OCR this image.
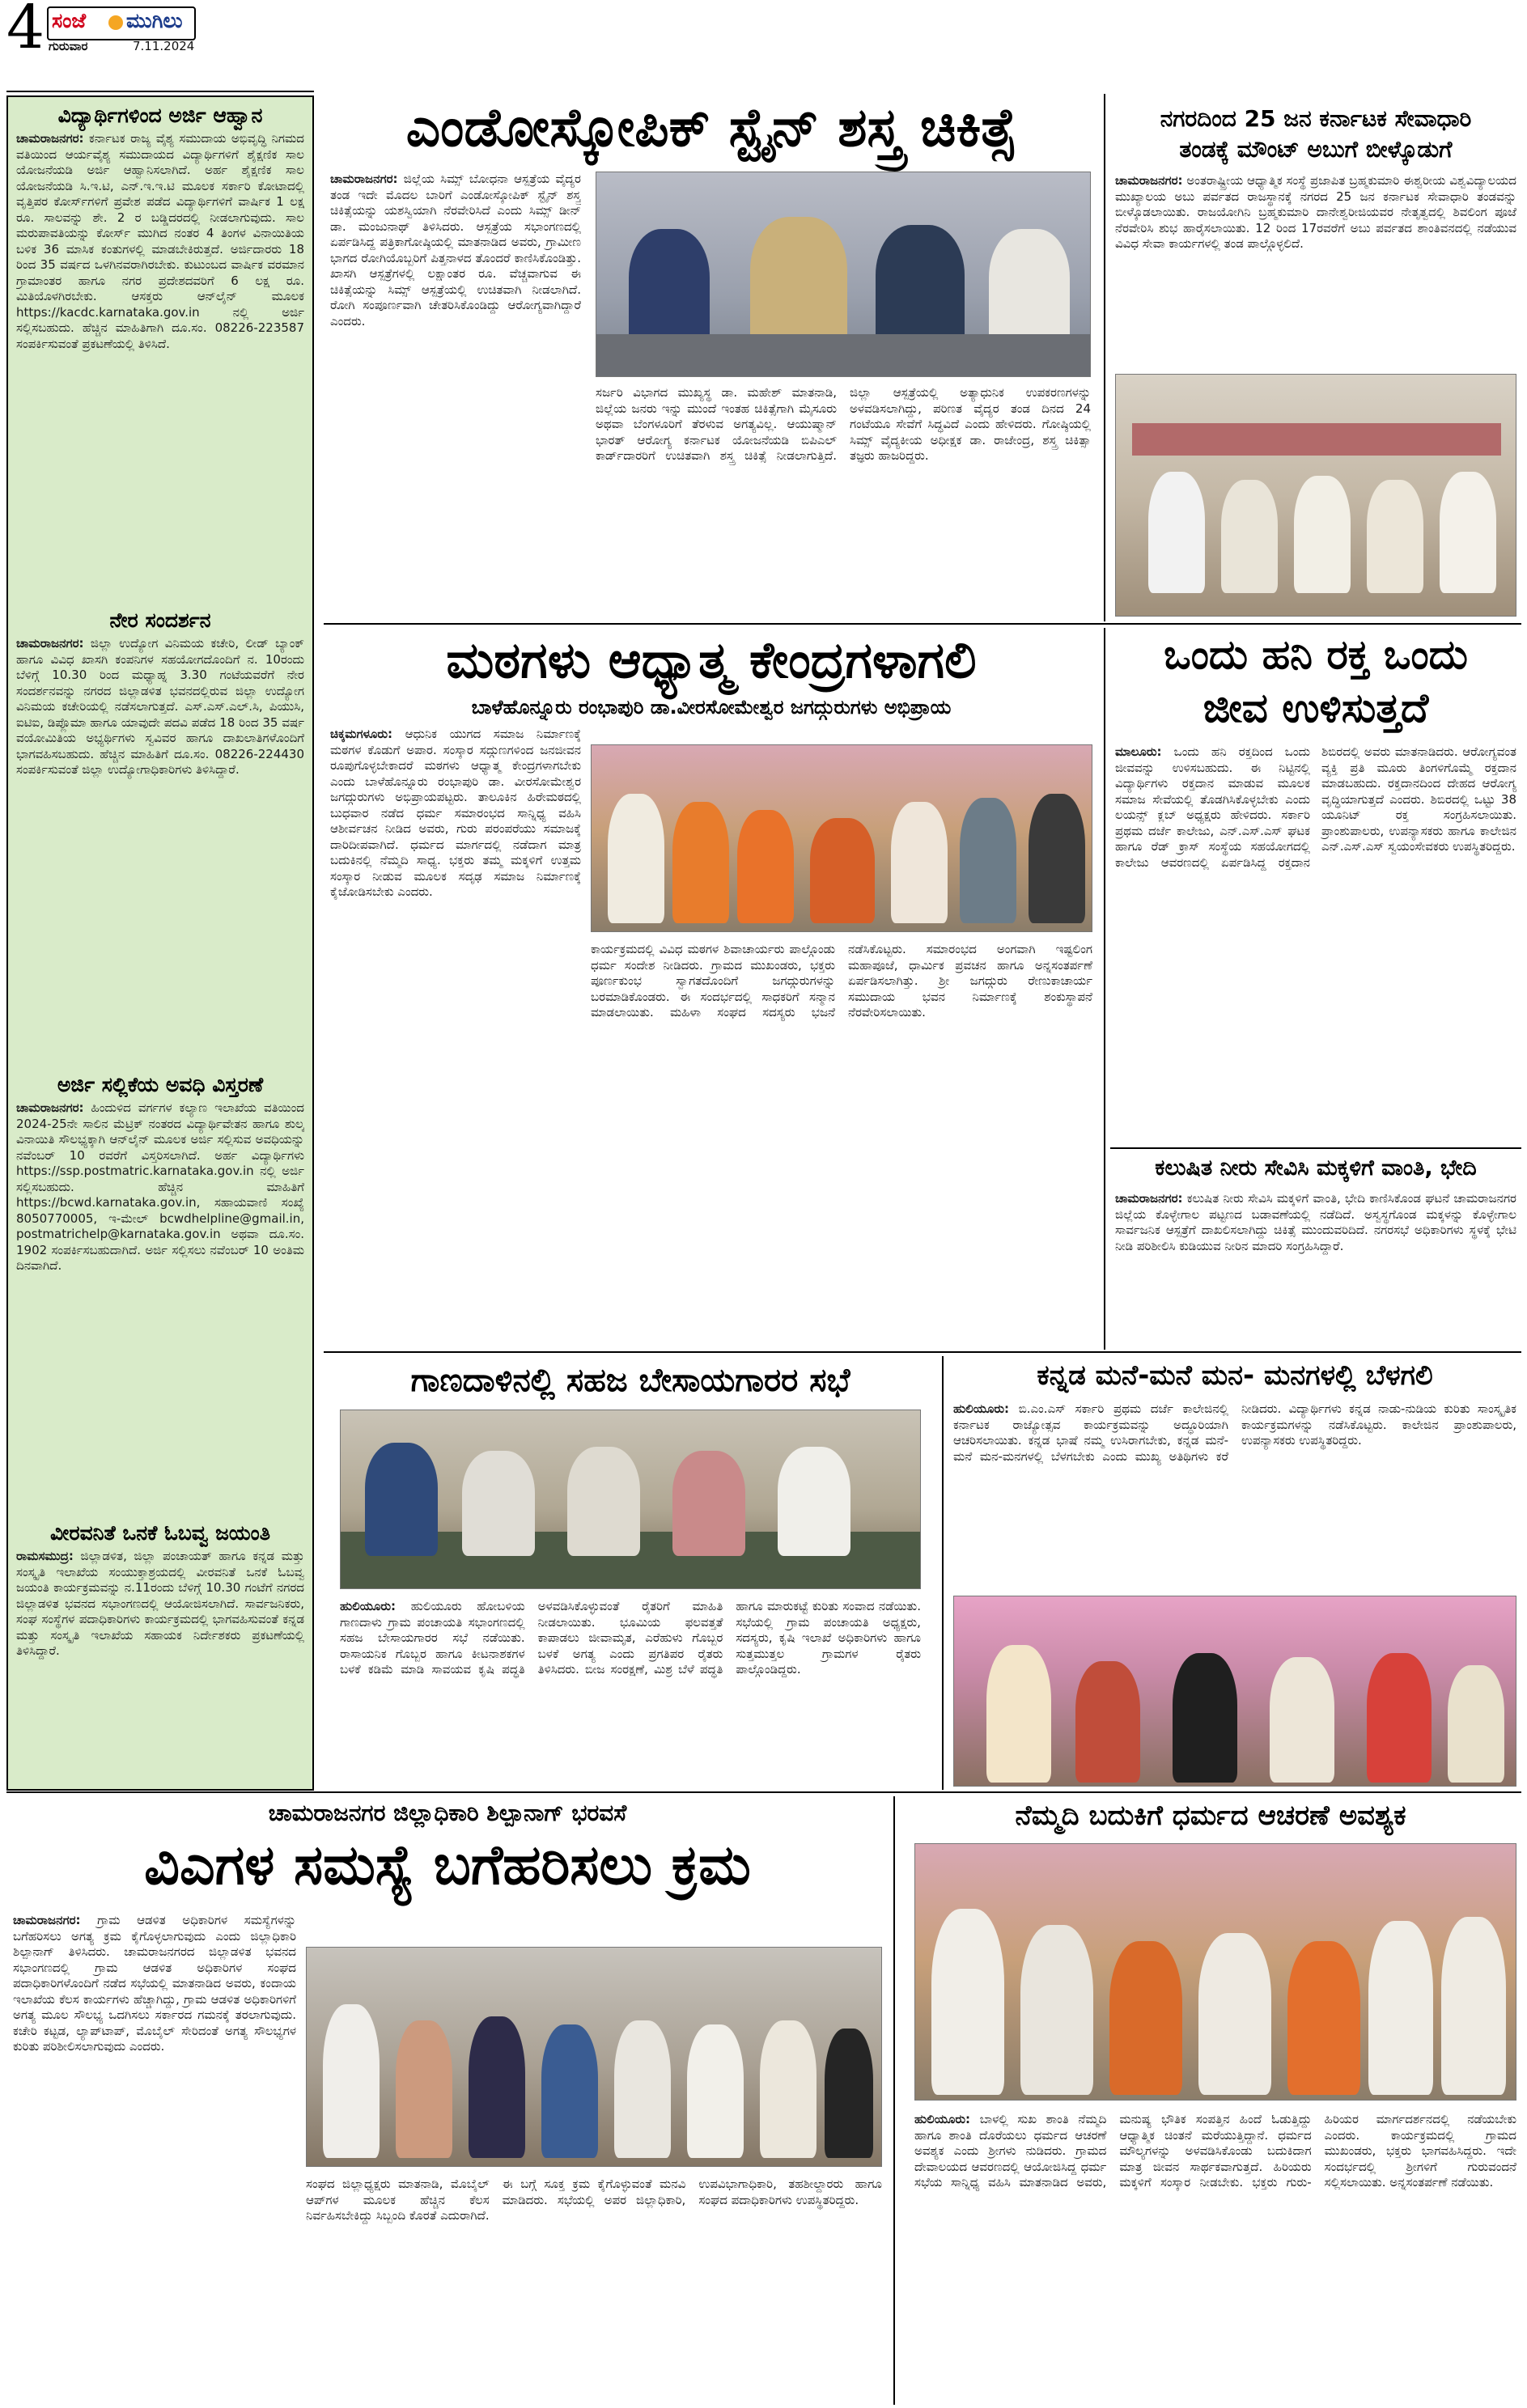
4 ಸಂಜೆ ಮುಗಿಲು
ಗುರುವಾರ	7.11.2024
ವಿದ್ಯಾರ್ಥಿಗಳಿಂದ ಅರ್ಜಿ ಆಹ್ವಾನ
ಚಾಮರಾಜನಗರ: ಕರ್ನಾಟಕ ರಾಜ್ಯ ವೈಶ್ಯ ಸಮುದಾಯ ಅಭಿವೃದ್ಧಿ ನಿಗಮದ ವತಿಯಿಂದ ಆರ್ಯವೈಶ್ಯ ಸಮುದಾಯದ ವಿದ್ಯಾರ್ಥಿಗಳಿಗೆ ಶೈಕ್ಷಣಿಕ ಸಾಲ ಯೋಜನೆಯಡಿ ಅರ್ಜಿ ಆಹ್ವಾನಿಸಲಾಗಿದೆ. ಅರ್ಹ ಶೈಕ್ಷಣಿಕ ಸಾಲ ಯೋಜನೆಯಡಿ ಸಿ.ಇ.ಟಿ, ಎನ್.ಇ.ಇ.ಟಿ ಮೂಲಕ ಸರ್ಕಾರಿ ಕೋಟಾದಲ್ಲಿ ವೃತ್ತಿಪರ ಕೋರ್ಸ್‌ಗಳಿಗೆ ಪ್ರವೇಶ ಪಡೆದ ವಿದ್ಯಾರ್ಥಿಗಳಿಗೆ ವಾರ್ಷಿಕ 1 ಲಕ್ಷ ರೂ. ಸಾಲವನ್ನು ಶೇ. 2 ರ ಬಡ್ಡಿದರದಲ್ಲಿ ನೀಡಲಾಗುವುದು. ಸಾಲ ಮರುಪಾವತಿಯನ್ನು ಕೋರ್ಸ್ ಮುಗಿದ ನಂತರ 4 ತಿಂಗಳ ವಿನಾಯಿತಿಯ ಬಳಿಕ 36 ಮಾಸಿಕ ಕಂತುಗಳಲ್ಲಿ ಮಾಡಬೇಕಿರುತ್ತದೆ. ಅರ್ಜಿದಾರರು 18 ರಿಂದ 35 ವರ್ಷದ ಒಳಗಿನವರಾಗಿರಬೇಕು. ಕುಟುಂಬದ ವಾರ್ಷಿಕ ವರಮಾನ ಗ್ರಾಮಾಂತರ ಹಾಗೂ ನಗರ ಪ್ರದೇಶದವರಿಗೆ 6 ಲಕ್ಷ ರೂ. ಮಿತಿಯೊಳಗಿರಬೇಕು. ಆಸಕ್ತರು ಆನ್‌ಲೈನ್ ಮೂಲಕ https://kacdc.karnataka.gov.in ನಲ್ಲಿ ಅರ್ಜಿ ಸಲ್ಲಿಸಬಹುದು. ಹೆಚ್ಚಿನ ಮಾಹಿತಿಗಾಗಿ ದೂ.ಸಂ. 08226-223587 ಸಂಪರ್ಕಿಸುವಂತೆ ಪ್ರಕಟಣೆಯಲ್ಲಿ ತಿಳಿಸಿದೆ.
ನೇರ ಸಂದರ್ಶನ
ಚಾಮರಾಜನಗರ: ಜಿಲ್ಲಾ ಉದ್ಯೋಗ ವಿನಿಮಯ ಕಚೇರಿ, ಲೀಡ್ ಬ್ಯಾಂಕ್ ಹಾಗೂ ವಿವಿಧ ಖಾಸಗಿ ಕಂಪನಿಗಳ ಸಹಯೋಗದೊಂದಿಗೆ ನ. 10ರಂದು ಬೆಳಿಗ್ಗೆ 10.30 ರಿಂದ ಮಧ್ಯಾಹ್ನ 3.30 ಗಂಟೆಯವರೆಗೆ ನೇರ ಸಂದರ್ಶನವನ್ನು ನಗರದ ಜಿಲ್ಲಾಡಳಿತ ಭವನದಲ್ಲಿರುವ ಜಿಲ್ಲಾ ಉದ್ಯೋಗ ವಿನಿಮಯ ಕಚೇರಿಯಲ್ಲಿ ನಡೆಸಲಾಗುತ್ತದೆ. ಎಸ್.ಎಸ್.ಎಲ್.ಸಿ, ಪಿಯುಸಿ, ಐಟಿಐ, ಡಿಪ್ಲೊಮಾ ಹಾಗೂ ಯಾವುದೇ ಪದವಿ ಪಡೆದ 18 ರಿಂದ 35 ವರ್ಷ ವಯೋಮಿತಿಯ ಅಭ್ಯರ್ಥಿಗಳು ಸ್ವವಿವರ ಹಾಗೂ ದಾಖಲಾತಿಗಳೊಂದಿಗೆ ಭಾಗವಹಿಸಬಹುದು. ಹೆಚ್ಚಿನ ಮಾಹಿತಿಗೆ ದೂ.ಸಂ. 08226-224430 ಸಂಪರ್ಕಿಸುವಂತೆ ಜಿಲ್ಲಾ ಉದ್ಯೋಗಾಧಿಕಾರಿಗಳು ತಿಳಿಸಿದ್ದಾರೆ.
ಅರ್ಜಿ ಸಲ್ಲಿಕೆಯ ಅವಧಿ ವಿಸ್ತರಣೆ
ಚಾಮರಾಜನಗರ: ಹಿಂದುಳಿದ ವರ್ಗಗಳ ಕಲ್ಯಾಣ ಇಲಾಖೆಯ ವತಿಯಿಂದ 2024-25ನೇ ಸಾಲಿನ ಮೆಟ್ರಿಕ್ ನಂತರದ ವಿದ್ಯಾರ್ಥಿವೇತನ ಹಾಗೂ ಶುಲ್ಕ ವಿನಾಯಿತಿ ಸೌಲಭ್ಯಕ್ಕಾಗಿ ಆನ್‌ಲೈನ್ ಮೂಲಕ ಅರ್ಜಿ ಸಲ್ಲಿಸುವ ಅವಧಿಯನ್ನು ನವೆಂಬರ್ 10 ರವರೆಗೆ ವಿಸ್ತರಿಸಲಾಗಿದೆ. ಅರ್ಹ ವಿದ್ಯಾರ್ಥಿಗಳು https://ssp.postmatric.karnataka.gov.in ನಲ್ಲಿ ಅರ್ಜಿ ಸಲ್ಲಿಸಬಹುದು. ಹೆಚ್ಚಿನ ಮಾಹಿತಿಗೆ https://bcwd.karnataka.gov.in, ಸಹಾಯವಾಣಿ ಸಂಖ್ಯೆ 8050770005, ಇ-ಮೇಲ್ bcwdhelpline@gmail.in, postmatrichelp@karnataka.gov.in ಅಥವಾ ದೂ.ಸಂ. 1902 ಸಂಪರ್ಕಿಸಬಹುದಾಗಿದೆ. ಅರ್ಜಿ ಸಲ್ಲಿಸಲು ನವೆಂಬರ್ 10 ಅಂತಿಮ ದಿನವಾಗಿದೆ.
ವೀರವನಿತೆ ಒನಕೆ ಓಬವ್ವ ಜಯಂತಿ
ರಾಮಸಮುದ್ರ: ಜಿಲ್ಲಾಡಳಿತ, ಜಿಲ್ಲಾ ಪಂಚಾಯತ್ ಹಾಗೂ ಕನ್ನಡ ಮತ್ತು ಸಂಸ್ಕೃತಿ ಇಲಾಖೆಯ ಸಂಯುಕ್ತಾಶ್ರಯದಲ್ಲಿ ವೀರವನಿತೆ ಒನಕೆ ಓಬವ್ವ ಜಯಂತಿ ಕಾರ್ಯಕ್ರಮವನ್ನು ನ.11ರಂದು ಬೆಳಿಗ್ಗೆ 10.30 ಗಂಟೆಗೆ ನಗರದ ಜಿಲ್ಲಾಡಳಿತ ಭವನದ ಸಭಾಂಗಣದಲ್ಲಿ ಆಯೋಜಿಸಲಾಗಿದೆ. ಸಾರ್ವಜನಿಕರು, ಸಂಘ ಸಂಸ್ಥೆಗಳ ಪದಾಧಿಕಾರಿಗಳು ಕಾರ್ಯಕ್ರಮದಲ್ಲಿ ಭಾಗವಹಿಸುವಂತೆ ಕನ್ನಡ ಮತ್ತು ಸಂಸ್ಕೃತಿ ಇಲಾಖೆಯ ಸಹಾಯಕ ನಿರ್ದೇಶಕರು ಪ್ರಕಟಣೆಯಲ್ಲಿ ತಿಳಿಸಿದ್ದಾರೆ.
ಎಂಡೋಸ್ಕೋಪಿಕ್ ಸ್ಟೈನ್ ಶಸ್ತ್ರ ಚಿಕಿತ್ಸೆ
ಚಾಮರಾಜನಗರ: ಜಿಲ್ಲೆಯ ಸಿಮ್ಸ್ ಬೋಧನಾ ಆಸ್ಪತ್ರೆಯ ವೈದ್ಯರ ತಂಡ ಇದೇ ಮೊದಲ ಬಾರಿಗೆ ಎಂಡೋಸ್ಕೋಪಿಕ್ ಸ್ಟೈನ್ ಶಸ್ತ್ರ ಚಿಕಿತ್ಸೆಯನ್ನು ಯಶಸ್ವಿಯಾಗಿ ನೆರವೇರಿಸಿದೆ ಎಂದು ಸಿಮ್ಸ್ ಡೀನ್ ಡಾ. ಮಂಜುನಾಥ್ ತಿಳಿಸಿದರು. ಆಸ್ಪತ್ರೆಯ ಸಭಾಂಗಣದಲ್ಲಿ ಏರ್ಪಡಿಸಿದ್ದ ಪತ್ರಿಕಾಗೋಷ್ಠಿಯಲ್ಲಿ ಮಾತನಾಡಿದ ಅವರು, ಗ್ರಾಮೀಣ ಭಾಗದ ರೋಗಿಯೊಬ್ಬರಿಗೆ ಪಿತ್ತನಾಳದ ತೊಂದರೆ ಕಾಣಿಸಿಕೊಂಡಿತ್ತು. ಖಾಸಗಿ ಆಸ್ಪತ್ರೆಗಳಲ್ಲಿ ಲಕ್ಷಾಂತರ ರೂ. ವೆಚ್ಚವಾಗುವ ಈ ಚಿಕಿತ್ಸೆಯನ್ನು ಸಿಮ್ಸ್ ಆಸ್ಪತ್ರೆಯಲ್ಲಿ ಉಚಿತವಾಗಿ ನೀಡಲಾಗಿದೆ. ರೋಗಿ ಸಂಪೂರ್ಣವಾಗಿ ಚೇತರಿಸಿಕೊಂಡಿದ್ದು ಆರೋಗ್ಯವಾಗಿದ್ದಾರೆ ಎಂದರು.
ಸರ್ಜರಿ ವಿಭಾಗದ ಮುಖ್ಯಸ್ಥ ಡಾ. ಮಹೇಶ್ ಮಾತನಾಡಿ, ಜಿಲ್ಲೆಯ ಜನರು ಇನ್ನು ಮುಂದೆ ಇಂತಹ ಚಿಕಿತ್ಸೆಗಾಗಿ ಮೈಸೂರು ಅಥವಾ ಬೆಂಗಳೂರಿಗೆ ತೆರಳುವ ಅಗತ್ಯವಿಲ್ಲ. ಆಯುಷ್ಮಾನ್ ಭಾರತ್ ಆರೋಗ್ಯ ಕರ್ನಾಟಕ ಯೋಜನೆಯಡಿ ಬಿಪಿಎಲ್ ಕಾರ್ಡ್‌ದಾರರಿಗೆ ಉಚಿತವಾಗಿ ಶಸ್ತ್ರ ಚಿಕಿತ್ಸೆ ನೀಡಲಾಗುತ್ತಿದೆ. ಜಿಲ್ಲಾ ಆಸ್ಪತ್ರೆಯಲ್ಲಿ ಅತ್ಯಾಧುನಿಕ ಉಪಕರಣಗಳನ್ನು ಅಳವಡಿಸಲಾಗಿದ್ದು, ಪರಿಣತ ವೈದ್ಯರ ತಂಡ ದಿನದ 24 ಗಂಟೆಯೂ ಸೇವೆಗೆ ಸಿದ್ಧವಿದೆ ಎಂದು ಹೇಳಿದರು. ಗೋಷ್ಠಿಯಲ್ಲಿ ಸಿಮ್ಸ್ ವೈದ್ಯಕೀಯ ಅಧೀಕ್ಷಕ ಡಾ. ರಾಜೇಂದ್ರ, ಶಸ್ತ್ರ ಚಿಕಿತ್ಸಾ ತಜ್ಞರು ಹಾಜರಿದ್ದರು.
ನಗರದಿಂದ 25 ಜನ ಕರ್ನಾಟಕ ಸೇವಾಧಾರಿ
ತಂಡಕ್ಕೆ ಮೌಂಟ್ ಅಬುಗೆ ಬೀಳ್ಕೊಡುಗೆ
ಚಾಮರಾಜನಗರ: ಅಂತರಾಷ್ಟ್ರೀಯ ಆಧ್ಯಾತ್ಮಿಕ ಸಂಸ್ಥೆ ಪ್ರಜಾಪಿತ ಬ್ರಹ್ಮಕುಮಾರಿ ಈಶ್ವರೀಯ ವಿಶ್ವವಿದ್ಯಾಲಯದ ಮುಖ್ಯಾಲಯ ಅಬು ಪರ್ವತದ ರಾಜಸ್ಥಾನಕ್ಕೆ ನಗರದ 25 ಜನ ಕರ್ನಾಟಕ ಸೇವಾಧಾರಿ ತಂಡವನ್ನು ಬೀಳ್ಕೊಡಲಾಯಿತು. ರಾಜಯೋಗಿನಿ ಬ್ರಹ್ಮಕುಮಾರಿ ದಾನೇಶ್ವರೀಜಿಯವರ ನೇತೃತ್ವದಲ್ಲಿ ಶಿವಲಿಂಗ ಪೂಜೆ ನೆರವೇರಿಸಿ ಶುಭ ಹಾರೈಸಲಾಯಿತು. 12 ರಿಂದ 17ರವರೆಗೆ ಅಬು ಪರ್ವತದ ಶಾಂತಿವನದಲ್ಲಿ ನಡೆಯುವ ವಿವಿಧ ಸೇವಾ ಕಾರ್ಯಗಳಲ್ಲಿ ತಂಡ ಪಾಲ್ಗೊಳ್ಳಲಿದೆ.
ಮಠಗಳು ಆಧ್ಯಾತ್ಮ ಕೇಂದ್ರಗಳಾಗಲಿ
ಬಾಳೆಹೊನ್ನೂರು ರಂಭಾಪುರಿ ಡಾ.ವೀರಸೋಮೇಶ್ವರ ಜಗದ್ಗುರುಗಳು ಅಭಿಪ್ರಾಯ
ಚಿಕ್ಕಮಗಳೂರು: ಆಧುನಿಕ ಯುಗದ ಸಮಾಜ ನಿರ್ಮಾಣಕ್ಕೆ ಮಠಗಳ ಕೊಡುಗೆ ಅಪಾರ. ಸಂಸ್ಕಾರ ಸದ್ಗುಣಗಳಿಂದ ಜನಜೀವನ ರೂಪುಗೊಳ್ಳಬೇಕಾದರೆ ಮಠಗಳು ಆಧ್ಯಾತ್ಮ ಕೇಂದ್ರಗಳಾಗಬೇಕು ಎಂದು ಬಾಳೆಹೊನ್ನೂರು ರಂಭಾಪುರಿ ಡಾ. ವೀರಸೋಮೇಶ್ವರ ಜಗದ್ಗುರುಗಳು ಅಭಿಪ್ರಾಯಪಟ್ಟರು. ತಾಲೂಕಿನ ಹಿರೇಮಠದಲ್ಲಿ ಬುಧವಾರ ನಡೆದ ಧರ್ಮ ಸಮಾರಂಭದ ಸಾನ್ನಿಧ್ಯ ವಹಿಸಿ ಆಶೀರ್ವಚನ ನೀಡಿದ ಅವರು, ಗುರು ಪರಂಪರೆಯು ಸಮಾಜಕ್ಕೆ ದಾರಿದೀಪವಾಗಿದೆ. ಧರ್ಮದ ಮಾರ್ಗದಲ್ಲಿ ನಡೆದಾಗ ಮಾತ್ರ ಬದುಕಿನಲ್ಲಿ ನೆಮ್ಮದಿ ಸಾಧ್ಯ. ಭಕ್ತರು ತಮ್ಮ ಮಕ್ಕಳಿಗೆ ಉತ್ತಮ ಸಂಸ್ಕಾರ ನೀಡುವ ಮೂಲಕ ಸದೃಢ ಸಮಾಜ ನಿರ್ಮಾಣಕ್ಕೆ ಕೈಜೋಡಿಸಬೇಕು ಎಂದರು.
ಕಾರ್ಯಕ್ರಮದಲ್ಲಿ ವಿವಿಧ ಮಠಗಳ ಶಿವಾಚಾರ್ಯರು ಪಾಲ್ಗೊಂಡು ಧರ್ಮ ಸಂದೇಶ ನೀಡಿದರು. ಗ್ರಾಮದ ಮುಖಂಡರು, ಭಕ್ತರು ಪೂರ್ಣಕುಂಭ ಸ್ವಾಗತದೊಂದಿಗೆ ಜಗದ್ಗುರುಗಳನ್ನು ಬರಮಾಡಿಕೊಂಡರು. ಈ ಸಂದರ್ಭದಲ್ಲಿ ಸಾಧಕರಿಗೆ ಸನ್ಮಾನ ಮಾಡಲಾಯಿತು. ಮಹಿಳಾ ಸಂಘದ ಸದಸ್ಯರು ಭಜನೆ ನಡೆಸಿಕೊಟ್ಟರು. ಸಮಾರಂಭದ ಅಂಗವಾಗಿ ಇಷ್ಟಲಿಂಗ ಮಹಾಪೂಜೆ, ಧಾರ್ಮಿಕ ಪ್ರವಚನ ಹಾಗೂ ಅನ್ನಸಂತರ್ಪಣೆ ಏರ್ಪಡಿಸಲಾಗಿತ್ತು. ಶ್ರೀ ಜಗದ್ಗುರು ರೇಣುಕಾಚಾರ್ಯ ಸಮುದಾಯ ಭವನ ನಿರ್ಮಾಣಕ್ಕೆ ಶಂಕುಸ್ಥಾಪನೆ ನೆರವೇರಿಸಲಾಯಿತು.
ಒಂದು ಹನಿ ರಕ್ತ ಒಂದು
ಜೀವ ಉಳಿಸುತ್ತದೆ
ಮಾಲೂರು: ಒಂದು ಹನಿ ರಕ್ತದಿಂದ ಒಂದು ಜೀವವನ್ನು ಉಳಿಸಬಹುದು. ಈ ನಿಟ್ಟಿನಲ್ಲಿ ವಿದ್ಯಾರ್ಥಿಗಳು ರಕ್ತದಾನ ಮಾಡುವ ಮೂಲಕ ಸಮಾಜ ಸೇವೆಯಲ್ಲಿ ತೊಡಗಿಸಿಕೊಳ್ಳಬೇಕು ಎಂದು ಲಯನ್ಸ್ ಕ್ಲಬ್ ಅಧ್ಯಕ್ಷರು ಹೇಳಿದರು. ಸರ್ಕಾರಿ ಪ್ರಥಮ ದರ್ಜೆ ಕಾಲೇಜು, ಎನ್.ಎಸ್.ಎಸ್ ಘಟಕ ಹಾಗೂ ರೆಡ್ ಕ್ರಾಸ್ ಸಂಸ್ಥೆಯ ಸಹಯೋಗದಲ್ಲಿ ಕಾಲೇಜು ಆವರಣದಲ್ಲಿ ಏರ್ಪಡಿಸಿದ್ದ ರಕ್ತದಾನ ಶಿಬಿರದಲ್ಲಿ ಅವರು ಮಾತನಾಡಿದರು. ಆರೋಗ್ಯವಂತ ವ್ಯಕ್ತಿ ಪ್ರತಿ ಮೂರು ತಿಂಗಳಿಗೊಮ್ಮೆ ರಕ್ತದಾನ ಮಾಡಬಹುದು. ರಕ್ತದಾನದಿಂದ ದೇಹದ ಆರೋಗ್ಯ ವೃದ್ಧಿಯಾಗುತ್ತದೆ ಎಂದರು. ಶಿಬಿರದಲ್ಲಿ ಒಟ್ಟು 38 ಯೂನಿಟ್ ರಕ್ತ ಸಂಗ್ರಹಿಸಲಾಯಿತು. ಪ್ರಾಂಶುಪಾಲರು, ಉಪನ್ಯಾಸಕರು ಹಾಗೂ ಕಾಲೇಜಿನ ಎನ್.ಎಸ್.ಎಸ್ ಸ್ವಯಂಸೇವಕರು ಉಪಸ್ಥಿತರಿದ್ದರು.
ಕಲುಷಿತ ನೀರು ಸೇವಿಸಿ ಮಕ್ಕಳಿಗೆ ವಾಂತಿ, ಭೇದಿ
ಚಾಮರಾಜನಗರ: ಕಲುಷಿತ ನೀರು ಸೇವಿಸಿ ಮಕ್ಕಳಿಗೆ ವಾಂತಿ, ಭೇದಿ ಕಾಣಿಸಿಕೊಂಡ ಘಟನೆ ಚಾಮರಾಜನಗರ ಜಿಲ್ಲೆಯ ಕೊಳ್ಳೇಗಾಲ ಪಟ್ಟಣದ ಬಡಾವಣೆಯಲ್ಲಿ ನಡೆದಿದೆ. ಅಸ್ವಸ್ಥಗೊಂಡ ಮಕ್ಕಳನ್ನು ಕೊಳ್ಳೇಗಾಲ ಸಾರ್ವಜನಿಕ ಆಸ್ಪತ್ರೆಗೆ ದಾಖಲಿಸಲಾಗಿದ್ದು ಚಿಕಿತ್ಸೆ ಮುಂದುವರಿದಿದೆ. ನಗರಸಭೆ ಅಧಿಕಾರಿಗಳು ಸ್ಥಳಕ್ಕೆ ಭೇಟಿ ನೀಡಿ ಪರಿಶೀಲಿಸಿ ಕುಡಿಯುವ ನೀರಿನ ಮಾದರಿ ಸಂಗ್ರಹಿಸಿದ್ದಾರೆ.
ಗಾಣದಾಳಿನಲ್ಲಿ ಸಹಜ ಬೇಸಾಯಗಾರರ ಸಭೆ
ಹುಲಿಯೂರು: ಹುಲಿಯೂರು ಹೋಬಳಿಯ ಗಾಣದಾಳು ಗ್ರಾಮ ಪಂಚಾಯತಿ ಸಭಾಂಗಣದಲ್ಲಿ ಸಹಜ ಬೇಸಾಯಗಾರರ ಸಭೆ ನಡೆಯಿತು. ರಾಸಾಯನಿಕ ಗೊಬ್ಬರ ಹಾಗೂ ಕೀಟನಾಶಕಗಳ ಬಳಕೆ ಕಡಿಮೆ ಮಾಡಿ ಸಾವಯವ ಕೃಷಿ ಪದ್ಧತಿ ಅಳವಡಿಸಿಕೊಳ್ಳುವಂತೆ ರೈತರಿಗೆ ಮಾಹಿತಿ ನೀಡಲಾಯಿತು. ಭೂಮಿಯ ಫಲವತ್ತತೆ ಕಾಪಾಡಲು ಜೀವಾಮೃತ, ಎರೆಹುಳು ಗೊಬ್ಬರ ಬಳಕೆ ಅಗತ್ಯ ಎಂದು ಪ್ರಗತಿಪರ ರೈತರು ತಿಳಿಸಿದರು. ಬೀಜ ಸಂರಕ್ಷಣೆ, ಮಿಶ್ರ ಬೆಳೆ ಪದ್ಧತಿ ಹಾಗೂ ಮಾರುಕಟ್ಟೆ ಕುರಿತು ಸಂವಾದ ನಡೆಯಿತು. ಸಭೆಯಲ್ಲಿ ಗ್ರಾಮ ಪಂಚಾಯತಿ ಅಧ್ಯಕ್ಷರು, ಸದಸ್ಯರು, ಕೃಷಿ ಇಲಾಖೆ ಅಧಿಕಾರಿಗಳು ಹಾಗೂ ಸುತ್ತಮುತ್ತಲ ಗ್ರಾಮಗಳ ರೈತರು ಪಾಲ್ಗೊಂಡಿದ್ದರು.
ಕನ್ನಡ ಮನೆ-ಮನೆ ಮನ- ಮನಗಳಲ್ಲಿ ಬೆಳಗಲಿ
ಹುಲಿಯೂರು: ಬಿ.ಎಂ.ಎಸ್ ಸರ್ಕಾರಿ ಪ್ರಥಮ ದರ್ಜೆ ಕಾಲೇಜಿನಲ್ಲಿ ಕರ್ನಾಟಕ ರಾಜ್ಯೋತ್ಸವ ಕಾರ್ಯಕ್ರಮವನ್ನು ಅದ್ಧೂರಿಯಾಗಿ ಆಚರಿಸಲಾಯಿತು. ಕನ್ನಡ ಭಾಷೆ ನಮ್ಮ ಉಸಿರಾಗಬೇಕು, ಕನ್ನಡ ಮನೆ-ಮನೆ ಮನ-ಮನಗಳಲ್ಲಿ ಬೆಳಗಬೇಕು ಎಂದು ಮುಖ್ಯ ಅತಿಥಿಗಳು ಕರೆ ನೀಡಿದರು. ವಿದ್ಯಾರ್ಥಿಗಳು ಕನ್ನಡ ನಾಡು-ನುಡಿಯ ಕುರಿತು ಸಾಂಸ್ಕೃತಿಕ ಕಾರ್ಯಕ್ರಮಗಳನ್ನು ನಡೆಸಿಕೊಟ್ಟರು. ಕಾಲೇಜಿನ ಪ್ರಾಂಶುಪಾಲರು, ಉಪನ್ಯಾಸಕರು ಉಪಸ್ಥಿತರಿದ್ದರು.
ಚಾಮರಾಜನಗರ ಜಿಲ್ಲಾಧಿಕಾರಿ ಶಿಲ್ಪಾನಾಗ್ ಭರವಸೆ
ವಿಎಗಳ ಸಮಸ್ಯೆ ಬಗೆಹರಿಸಲು ಕ್ರಮ
ಚಾಮರಾಜನಗರ: ಗ್ರಾಮ ಆಡಳಿತ ಅಧಿಕಾರಿಗಳ ಸಮಸ್ಯೆಗಳನ್ನು ಬಗೆಹರಿಸಲು ಅಗತ್ಯ ಕ್ರಮ ಕೈಗೊಳ್ಳಲಾಗುವುದು ಎಂದು ಜಿಲ್ಲಾಧಿಕಾರಿ ಶಿಲ್ಪಾನಾಗ್ ತಿಳಿಸಿದರು. ಚಾಮರಾಜನಗರದ ಜಿಲ್ಲಾಡಳಿತ ಭವನದ ಸಭಾಂಗಣದಲ್ಲಿ ಗ್ರಾಮ ಆಡಳಿತ ಅಧಿಕಾರಿಗಳ ಸಂಘದ ಪದಾಧಿಕಾರಿಗಳೊಂದಿಗೆ ನಡೆದ ಸಭೆಯಲ್ಲಿ ಮಾತನಾಡಿದ ಅವರು, ಕಂದಾಯ ಇಲಾಖೆಯ ಕೆಲಸ ಕಾರ್ಯಗಳು ಹೆಚ್ಚಾಗಿದ್ದು, ಗ್ರಾಮ ಆಡಳಿತ ಅಧಿಕಾರಿಗಳಿಗೆ ಅಗತ್ಯ ಮೂಲ ಸೌಲಭ್ಯ ಒದಗಿಸಲು ಸರ್ಕಾರದ ಗಮನಕ್ಕೆ ತರಲಾಗುವುದು. ಕಚೇರಿ ಕಟ್ಟಡ, ಲ್ಯಾಪ್‌ಟಾಪ್, ಮೊಬೈಲ್ ಸೇರಿದಂತೆ ಅಗತ್ಯ ಸೌಲಭ್ಯಗಳ ಕುರಿತು ಪರಿಶೀಲಿಸಲಾಗುವುದು ಎಂದರು.
ಸಂಘದ ಜಿಲ್ಲಾಧ್ಯಕ್ಷರು ಮಾತನಾಡಿ, ಮೊಬೈಲ್ ಆಪ್‌ಗಳ ಮೂಲಕ ಹೆಚ್ಚಿನ ಕೆಲಸ ನಿರ್ವಹಿಸಬೇಕಿದ್ದು ಸಿಬ್ಬಂದಿ ಕೊರತೆ ಎದುರಾಗಿದೆ. ಈ ಬಗ್ಗೆ ಸೂಕ್ತ ಕ್ರಮ ಕೈಗೊಳ್ಳುವಂತೆ ಮನವಿ ಮಾಡಿದರು. ಸಭೆಯಲ್ಲಿ ಅಪರ ಜಿಲ್ಲಾಧಿಕಾರಿ, ಉಪವಿಭಾಗಾಧಿಕಾರಿ, ತಹಶೀಲ್ದಾರರು ಹಾಗೂ ಸಂಘದ ಪದಾಧಿಕಾರಿಗಳು ಉಪಸ್ಥಿತರಿದ್ದರು.
ನೆಮ್ಮದಿ ಬದುಕಿಗೆ ಧರ್ಮದ ಆಚರಣೆ ಅವಶ್ಯಕ
ಹುಲಿಯೂರು: ಬಾಳಲ್ಲಿ ಸುಖ ಶಾಂತಿ ನೆಮ್ಮದಿ ಹಾಗೂ ಶಾಂತಿ ದೊರೆಯಲು ಧರ್ಮದ ಆಚರಣೆ ಅವಶ್ಯಕ ಎಂದು ಶ್ರೀಗಳು ನುಡಿದರು. ಗ್ರಾಮದ ದೇವಾಲಯದ ಆವರಣದಲ್ಲಿ ಆಯೋಜಿಸಿದ್ದ ಧರ್ಮ ಸಭೆಯ ಸಾನ್ನಿಧ್ಯ ವಹಿಸಿ ಮಾತನಾಡಿದ ಅವರು, ಮನುಷ್ಯ ಭೌತಿಕ ಸಂಪತ್ತಿನ ಹಿಂದೆ ಓಡುತ್ತಿದ್ದು ಆಧ್ಯಾತ್ಮಿಕ ಚಿಂತನೆ ಮರೆಯುತ್ತಿದ್ದಾನೆ. ಧರ್ಮದ ಮೌಲ್ಯಗಳನ್ನು ಅಳವಡಿಸಿಕೊಂಡು ಬದುಕಿದಾಗ ಮಾತ್ರ ಜೀವನ ಸಾರ್ಥಕವಾಗುತ್ತದೆ. ಹಿರಿಯರು ಮಕ್ಕಳಿಗೆ ಸಂಸ್ಕಾರ ನೀಡಬೇಕು. ಭಕ್ತರು ಗುರು-ಹಿರಿಯರ ಮಾರ್ಗದರ್ಶನದಲ್ಲಿ ನಡೆಯಬೇಕು ಎಂದರು.	ಕಾರ್ಯಕ್ರಮದಲ್ಲಿ ಗ್ರಾಮದ ಮುಖಂಡರು, ಭಕ್ತರು ಭಾಗವಹಿಸಿದ್ದರು. ಇದೇ ಸಂದರ್ಭದಲ್ಲಿ ಶ್ರೀಗಳಿಗೆ ಗುರುವಂದನೆ ಸಲ್ಲಿಸಲಾಯಿತು. ಅನ್ನಸಂತರ್ಪಣೆ ನಡೆಯಿತು.
